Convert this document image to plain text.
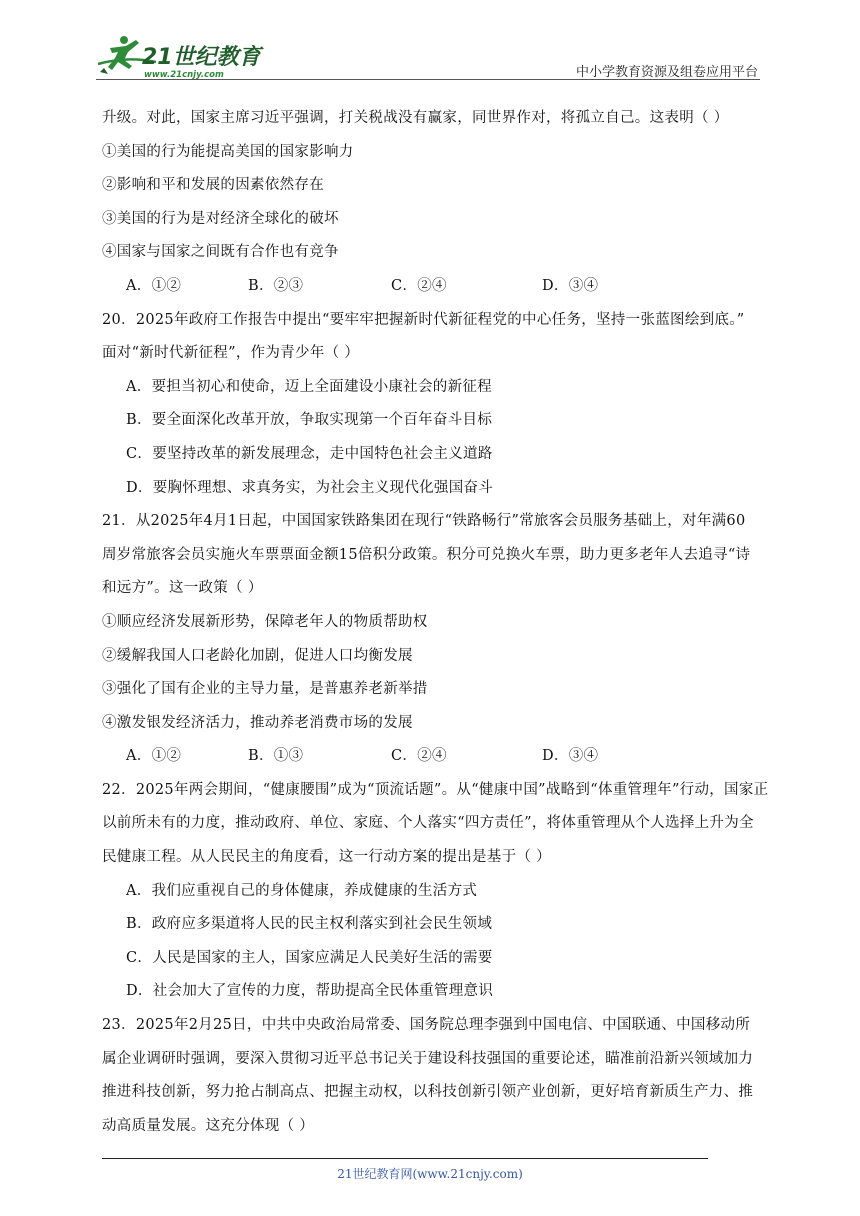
21世纪教育
www.21cnjy.com	中小学教育资源及组卷应用平台
升级。对此，国家主席习近平强调，打关税战没有赢家，同世界作对，将孤立自己。这表明（ ）
①美国的行为能提高美国的国家影响力
②影响和平和发展的因素依然存在
③美国的行为是对经济全球化的破坏
④国家与国家之间既有合作也有竞争
A．①②	B．②③	C．②④	D．③④
20．2025年政府工作报告中提出“要牢牢把握新时代新征程党的中心任务，坚持一张蓝图绘到底。”
面对“新时代新征程”，作为青少年（ ）
A．要担当初心和使命，迈上全面建设小康社会的新征程
B．要全面深化改革开放，争取实现第一个百年奋斗目标
C．要坚持改革的新发展理念，走中国特色社会主义道路
D．要胸怀理想、求真务实，为社会主义现代化强国奋斗
21．从2025年4月1日起，中国国家铁路集团在现行“铁路畅行”常旅客会员服务基础上，对年满60
周岁常旅客会员实施火车票票面金额15倍积分政策。积分可兑换火车票，助力更多老年人去追寻“诗
和远方”。这一政策（ ）
①顺应经济发展新形势，保障老年人的物质帮助权
②缓解我国人口老龄化加剧，促进人口均衡发展
③强化了国有企业的主导力量，是普惠养老新举措
④激发银发经济活力，推动养老消费市场的发展
A．①②	B．①③	C．②④	D．③④
22．2025年两会期间，“健康腰围”成为“顶流话题”。从“健康中国”战略到“体重管理年”行动，国家正
以前所未有的力度，推动政府、单位、家庭、个人落实“四方责任”，将体重管理从个人选择上升为全
民健康工程。从人民民主的角度看，这一行动方案的提出是基于（ ）
A．我们应重视自己的身体健康，养成健康的生活方式
B．政府应多渠道将人民的民主权利落实到社会民生领域
C．人民是国家的主人，国家应满足人民美好生活的需要
D．社会加大了宣传的力度，帮助提高全民体重管理意识
23．2025年2月25日，中共中央政治局常委、国务院总理李强到中国电信、中国联通、中国移动所
属企业调研时强调，要深入贯彻习近平总书记关于建设科技强国的重要论述，瞄准前沿新兴领域加力
推进科技创新，努力抢占制高点、把握主动权，以科技创新引领产业创新，更好培育新质生产力、推
动高质量发展。这充分体现（ ）
21世纪教育网(www.21cnjy.com)
